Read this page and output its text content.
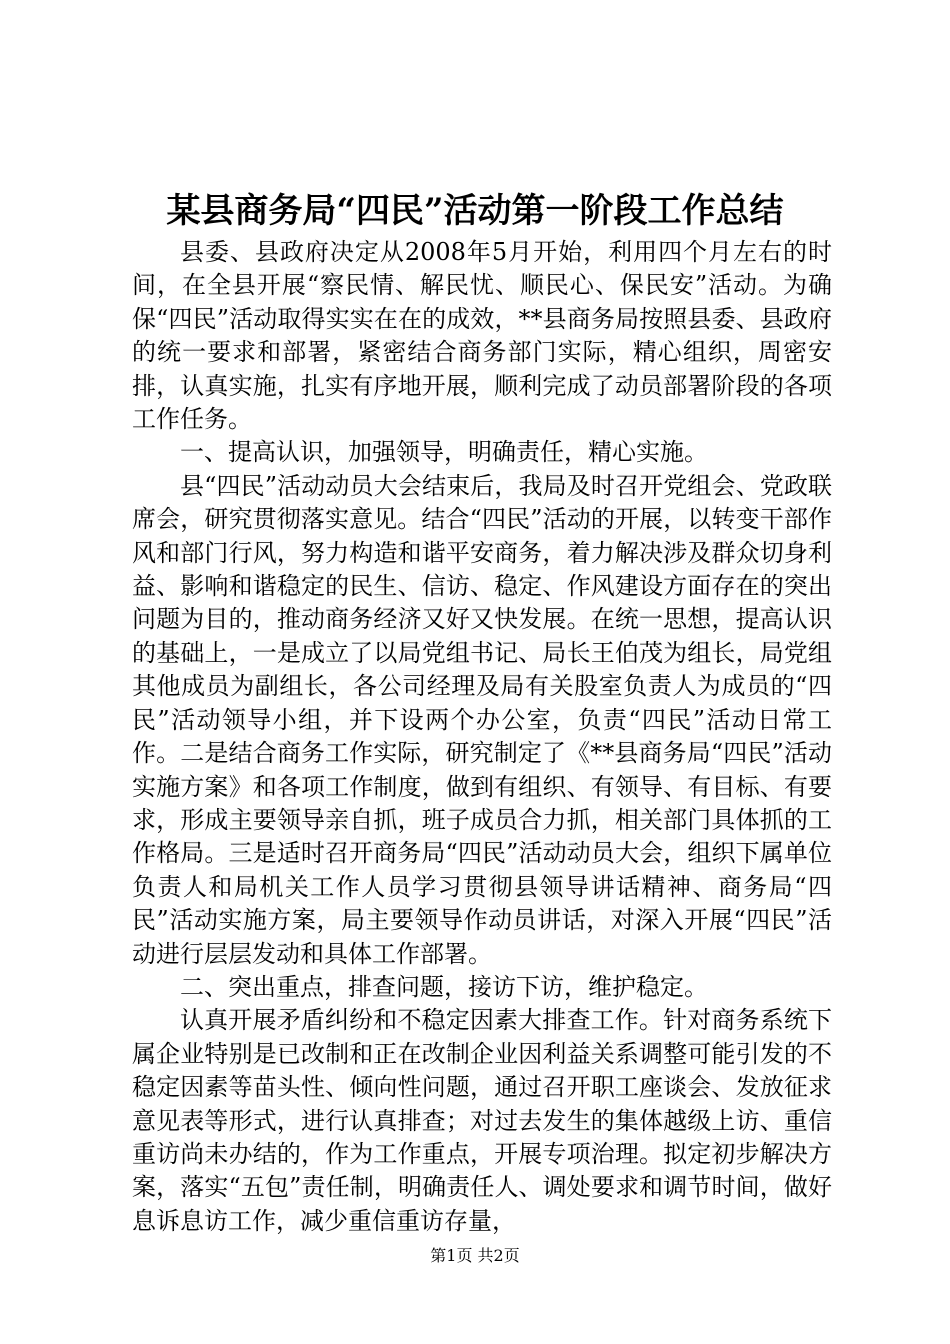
某县商务局“四民”活动第一阶段工作总结

县委、县政府决定从2008年5月开始，利用四个月左右的时间，在全县开展“察民情、解民忧、顺民心、保民安”活动。为确保“四民”活动取得实实在在的成效，**县商务局按照县委、县政府的统一要求和部署，紧密结合商务部门实际，精心组织，周密安排，认真实施，扎实有序地开展，顺利完成了动员部署阶段的各项工作任务。

一、提高认识，加强领导，明确责任，精心实施。

县“四民”活动动员大会结束后，我局及时召开党组会、党政联席会，研究贯彻落实意见。结合“四民”活动的开展，以转变干部作风和部门行风，努力构造和谐平安商务，着力解决涉及群众切身利益、影响和谐稳定的民生、信访、稳定、作风建设方面存在的突出问题为目的，推动商务经济又好又快发展。在统一思想，提高认识的基础上，一是成立了以局党组书记、局长王伯茂为组长，局党组其他成员为副组长，各公司经理及局有关股室负责人为成员的“四民”活动领导小组，并下设两个办公室，负责“四民”活动日常工作。二是结合商务工作实际，研究制定了《**县商务局“四民”活动实施方案》和各项工作制度，做到有组织、有领导、有目标、有要求，形成主要领导亲自抓，班子成员合力抓，相关部门具体抓的工作格局。三是适时召开商务局“四民”活动动员大会，组织下属单位负责人和局机关工作人员学习贯彻县领导讲话精神、商务局“四民”活动实施方案，局主要领导作动员讲话，对深入开展“四民”活动进行层层发动和具体工作部署。

二、突出重点，排查问题，接访下访，维护稳定。

认真开展矛盾纠纷和不稳定因素大排查工作。针对商务系统下属企业特别是已改制和正在改制企业因利益关系调整可能引发的不稳定因素等苗头性、倾向性问题，通过召开职工座谈会、发放征求意见表等形式，进行认真排查；对过去发生的集体越级上访、重信重访尚未办结的，作为工作重点，开展专项治理。拟定初步解决方案，落实“五包”责任制，明确责任人、调处要求和调节时间，做好息诉息访工作，减少重信重访存量，

第1页 共2页
